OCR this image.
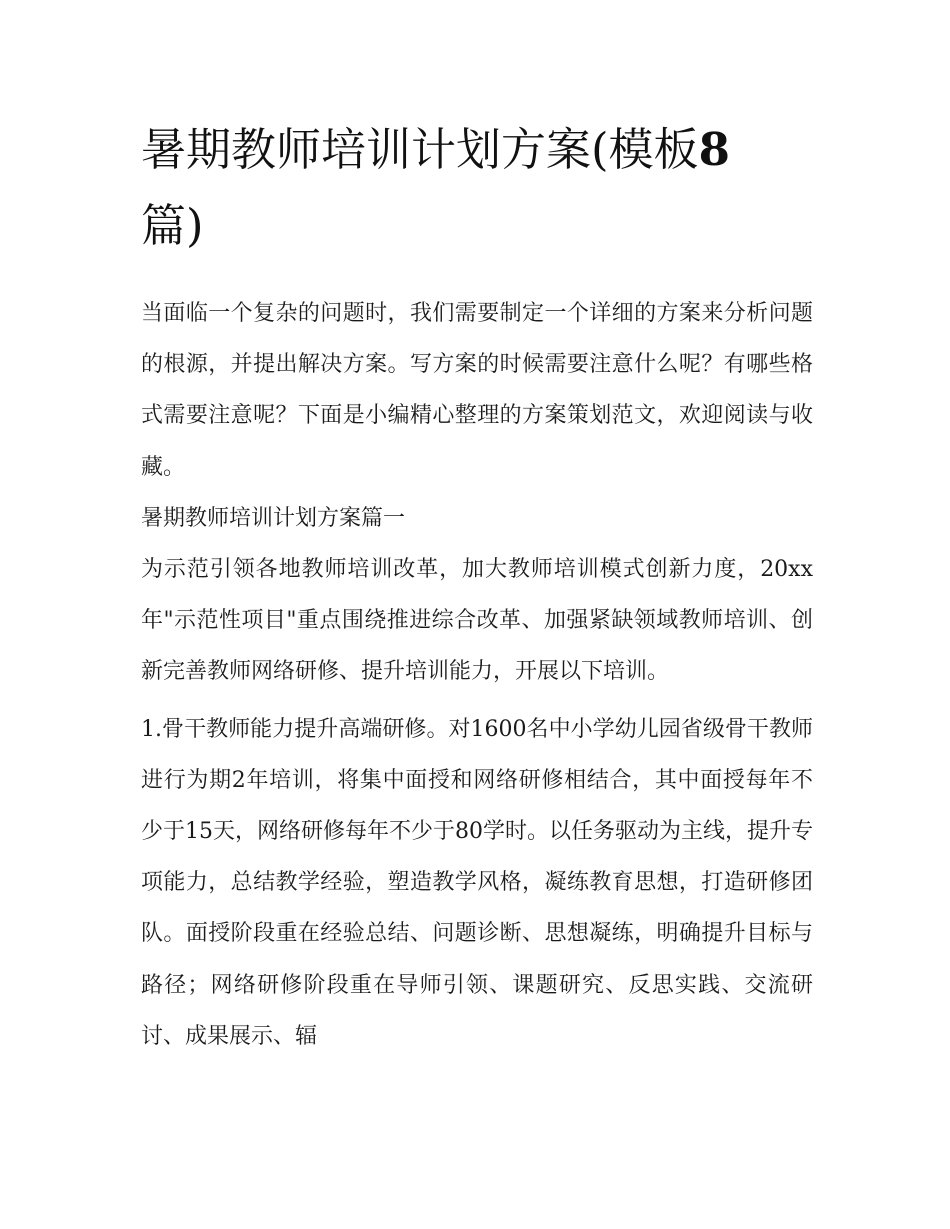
暑期教师培训计划方案(模板8
篇)

当面临一个复杂的问题时，我们需要制定一个详细的方案来分析问题的根源，并提出解决方案。写方案的时候需要注意什么呢？有哪些格式需要注意呢？下面是小编精心整理的方案策划范文，欢迎阅读与收藏。

暑期教师培训计划方案篇一

为示范引领各地教师培训改革，加大教师培训模式创新力度，20xx年"示范性项目"重点围绕推进综合改革、加强紧缺领域教师培训、创新完善教师网络研修、提升培训能力，开展以下培训。

1.骨干教师能力提升高端研修。对1600名中小学幼儿园省级骨干教师进行为期2年培训，将集中面授和网络研修相结合，其中面授每年不少于15天，网络研修每年不少于80学时。以任务驱动为主线，提升专项能力，总结教学经验，塑造教学风格，凝练教育思想，打造研修团队。面授阶段重在经验总结、问题诊断、思想凝练，明确提升目标与路径；网络研修阶段重在导师引领、课题研究、反思实践、交流研讨、成果展示、辐
